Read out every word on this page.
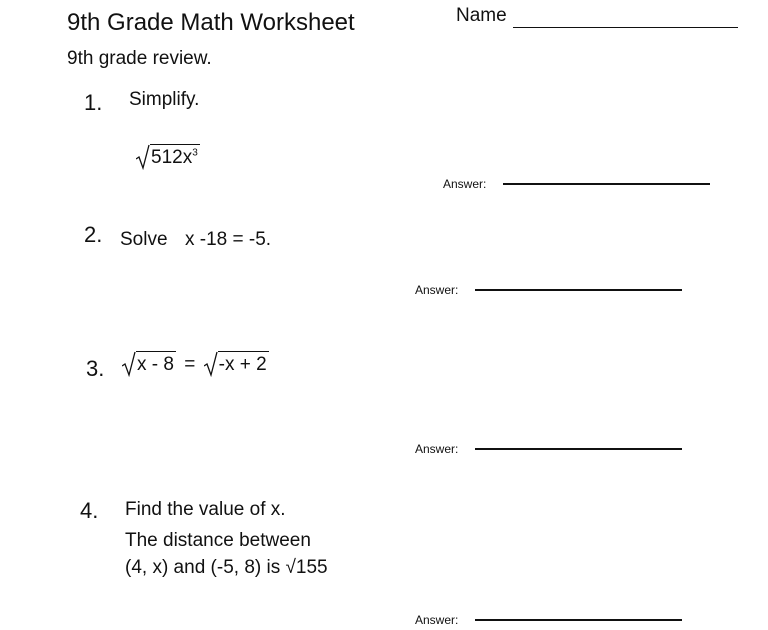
9th Grade Math Worksheet	Name
9th grade review.
1. Simplify.
$512x^3$
Answer:
2. Solve x -18 = -5.
Answer:
3.	x - 8 = -x + 2
Answer:
4. Find the value of x.
The distance between
(4, x) and (-5, 8) is √155
Answer:
